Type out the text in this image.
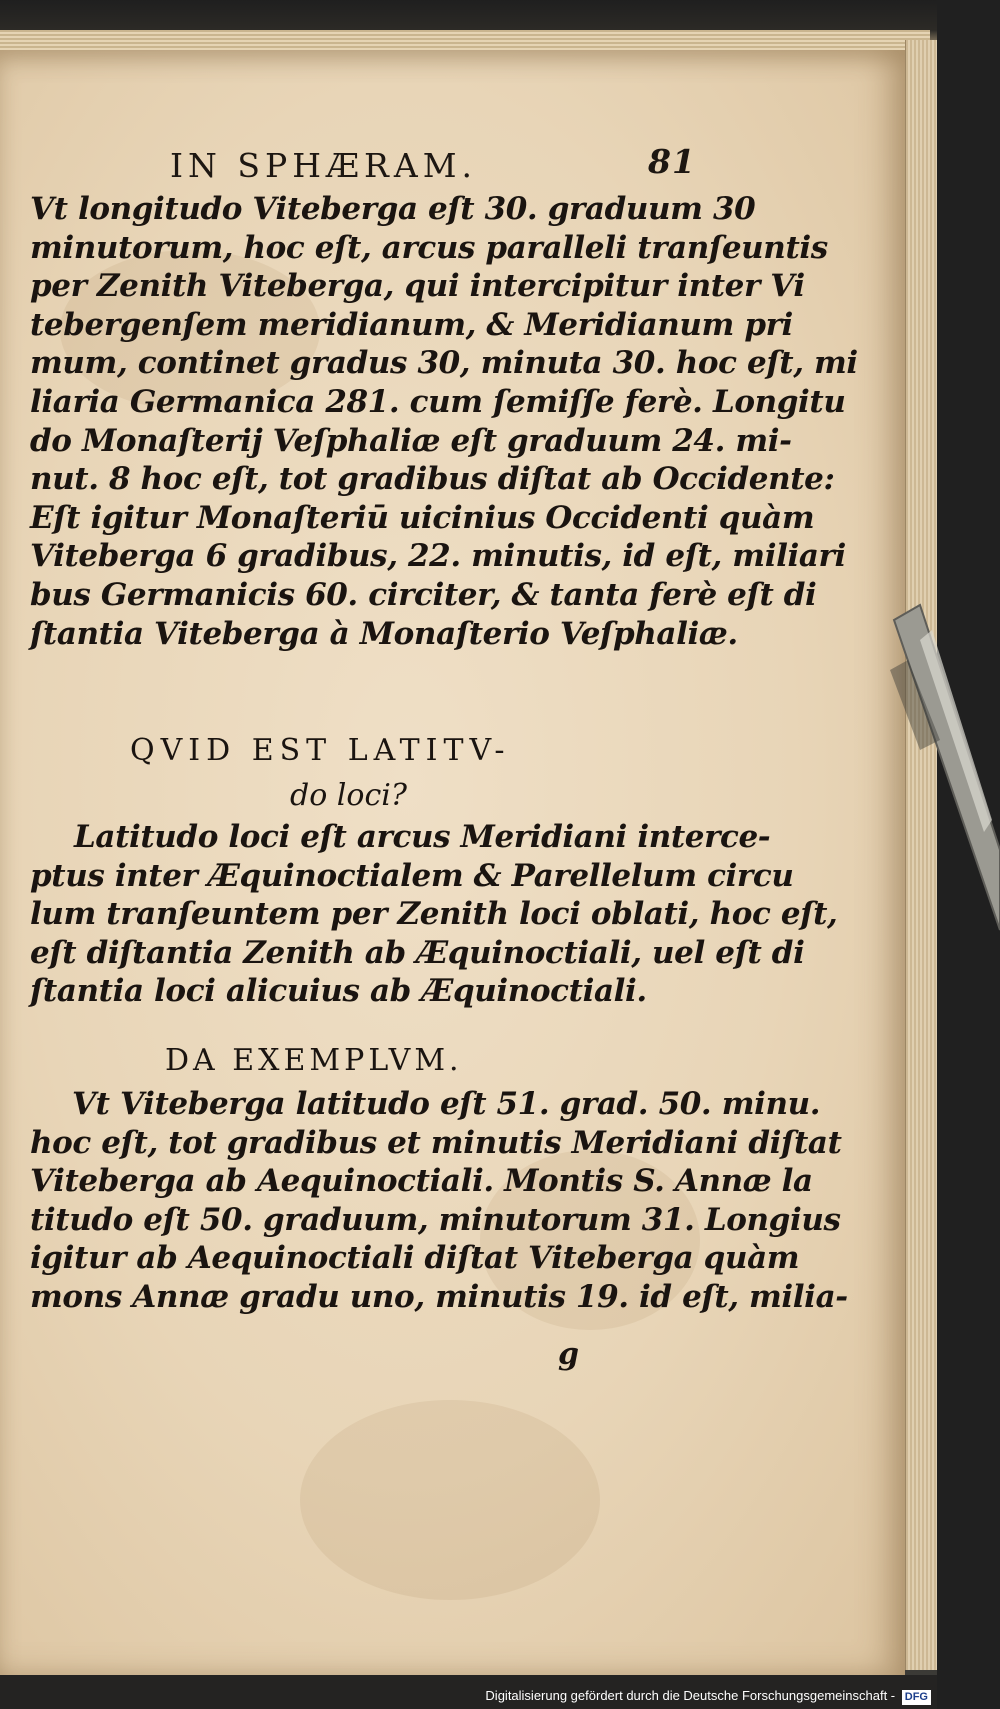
IN SPHÆRAM.	81
Vt longitudo Viteberga eſt 30. graduum 30
minutorum, hoc eſt, arcus paralleli tranſeuntis
per Zenith Viteberga, qui intercipitur inter Vi
tebergenſem meridianum, & Meridianum pri
mum, continet gradus 30, minuta 30. hoc eſt, mi
liaria Germanica 281. cum ſemiſſe ferè. Longitu
do Monaſterij Veſphaliæ eſt graduum 24. mi-
nut. 8 hoc eſt, tot gradibus diſtat ab Occidente:
Eſt igitur Monaſteriū uicinius Occidenti quàm
Viteberga 6 gradibus, 22. minutis, id eſt, miliari
bus Germanicis 60. circiter, & tanta ferè eſt di
ſtantia Viteberga à Monaſterio Veſphaliæ.
QVID EST LATITV-
do loci?
Latitudo loci eſt arcus Meridiani interce-
ptus inter Æquinoctialem & Parellelum circu
lum tranſeuntem per Zenith loci oblati, hoc eſt,
eſt diſtantia Zenith ab Æquinoctiali, uel eſt di
ſtantia loci alicuius ab Æquinoctiali.
DA EXEMPLVM.
Vt Viteberga latitudo eſt 51. grad. 50. minu.
hoc eſt, tot gradibus et minutis Meridiani diſtat
Viteberga ab Aequinoctiali. Montis S. Annæ la
titudo eſt 50. graduum, minutorum 31. Longius
igitur ab Aequinoctiali diſtat Viteberga quàm
mons Annæ gradu uno, minutis 19. id eſt, milia-
g
Digitalisierung gefördert durch die Deutsche Forschungsgemeinschaft - DFG
